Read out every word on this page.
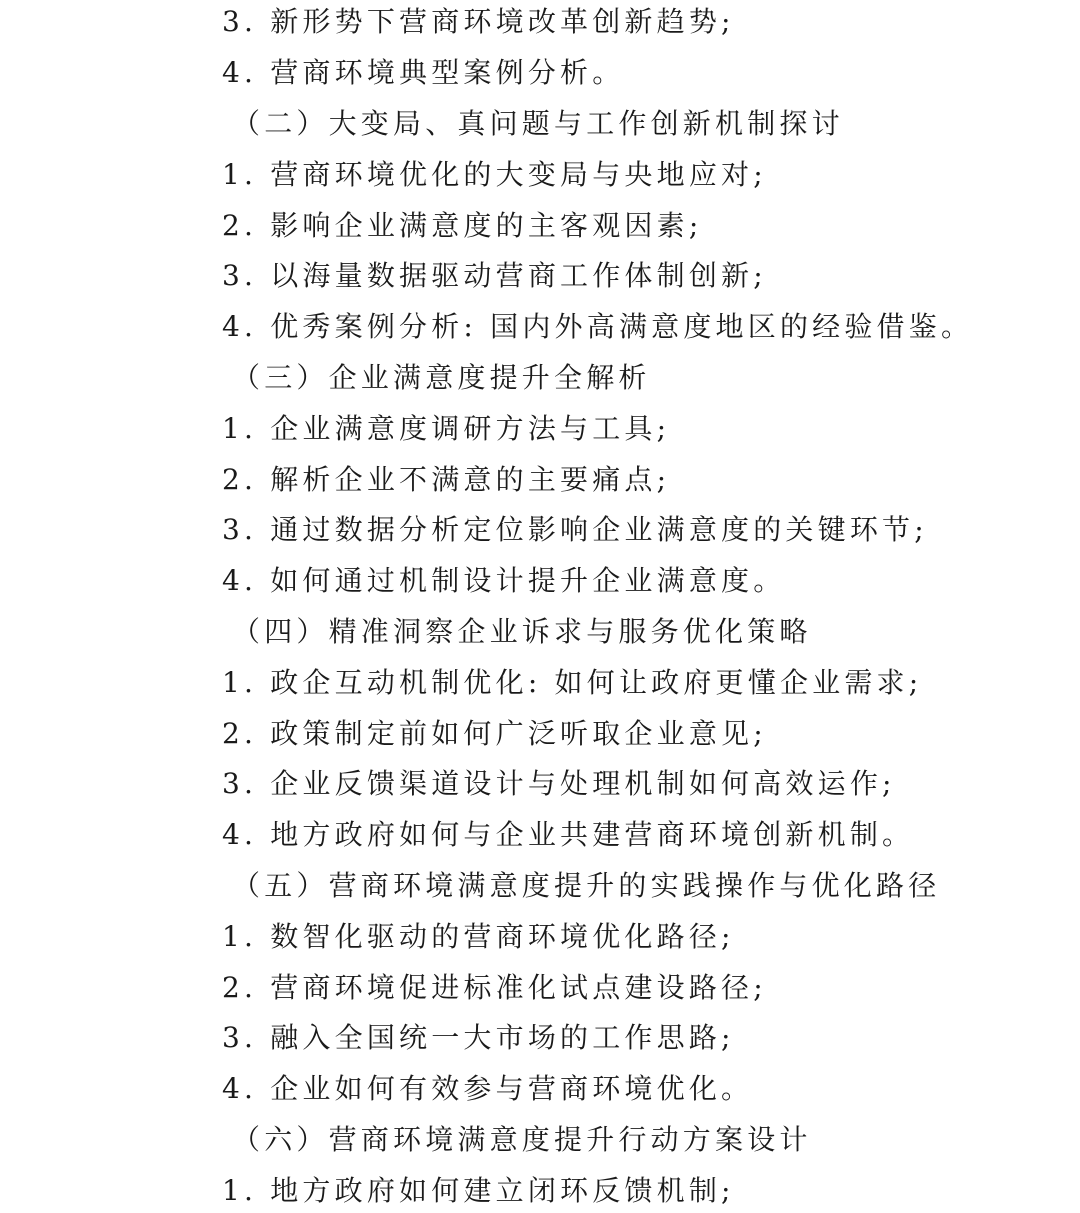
3. 新形势下营商环境改革创新趋势;
4. 营商环境典型案例分析。
（二）大变局、真问题与工作创新机制探讨
1. 营商环境优化的大变局与央地应对;
2. 影响企业满意度的主客观因素;
3. 以海量数据驱动营商工作体制创新;
4. 优秀案例分析: 国内外高满意度地区的经验借鉴。
（三）企业满意度提升全解析
1. 企业满意度调研方法与工具;
2. 解析企业不满意的主要痛点;
3. 通过数据分析定位影响企业满意度的关键环节;
4. 如何通过机制设计提升企业满意度。
（四）精准洞察企业诉求与服务优化策略
1. 政企互动机制优化: 如何让政府更懂企业需求;
2. 政策制定前如何广泛听取企业意见;
3. 企业反馈渠道设计与处理机制如何高效运作;
4. 地方政府如何与企业共建营商环境创新机制。
（五）营商环境满意度提升的实践操作与优化路径
1. 数智化驱动的营商环境优化路径;
2. 营商环境促进标准化试点建设路径;
3. 融入全国统一大市场的工作思路;
4. 企业如何有效参与营商环境优化。
（六）营商环境满意度提升行动方案设计
1. 地方政府如何建立闭环反馈机制;
